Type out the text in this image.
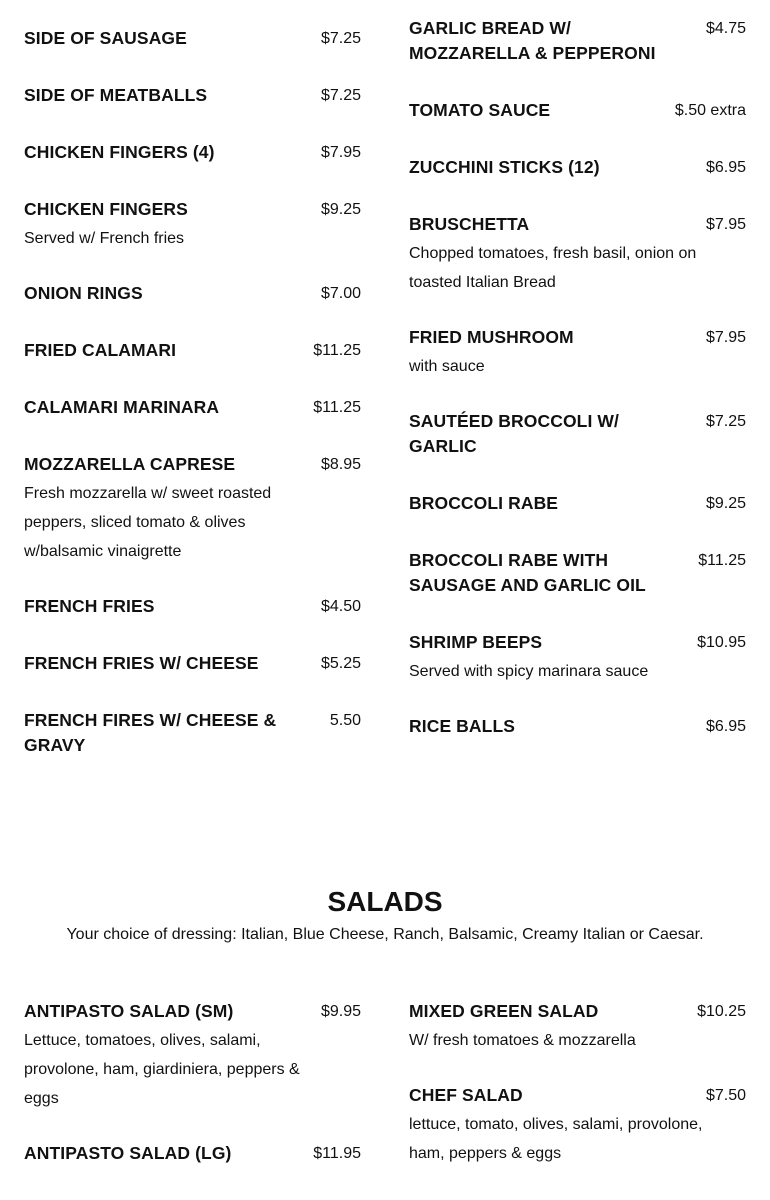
SIDE OF SAUSAGE	$7.25
SIDE OF MEATBALLS	$7.25
CHICKEN FINGERS (4)	$7.95
CHICKEN FINGERS	$9.25
Served w/ French fries
ONION RINGS	$7.00
FRIED CALAMARI	$11.25
CALAMARI MARINARA	$11.25
MOZZARELLA CAPRESE	$8.95
Fresh mozzarella w/ sweet roasted peppers, sliced tomato & olives w/balsamic vinaigrette
FRENCH FRIES	$4.50
FRENCH FRIES W/ CHEESE	$5.25
FRENCH FIRES W/ CHEESE & GRAVY
5.50
GARLIC BREAD W/ MOZZARELLA & PEPPERONI
$4.75
TOMATO SAUCE	$.50 extra
ZUCCHINI STICKS (12)	$6.95
BRUSCHETTA	$7.95
Chopped tomatoes, fresh basil, onion on toasted Italian Bread
FRIED MUSHROOM	$7.95
with sauce
SAUTÉED BROCCOLI W/ GARLIC
$7.25
BROCCOLI RABE	$9.25
BROCCOLI RABE WITH SAUSAGE AND GARLIC OIL
$11.25
SHRIMP BEEPS	$10.95
Served with spicy marinara sauce
RICE BALLS	$6.95
SALADS
Your choice of dressing: Italian, Blue Cheese, Ranch, Balsamic, Creamy Italian or Caesar.
ANTIPASTO SALAD (SM)	$9.95
Lettuce, tomatoes, olives, salami, provolone, ham, giardiniera, peppers & eggs
ANTIPASTO SALAD (LG)	$11.95
MIXED GREEN SALAD	$10.25
W/ fresh tomatoes & mozzarella
CHEF SALAD	$7.50
lettuce, tomato, olives, salami, provolone, ham, peppers & eggs
